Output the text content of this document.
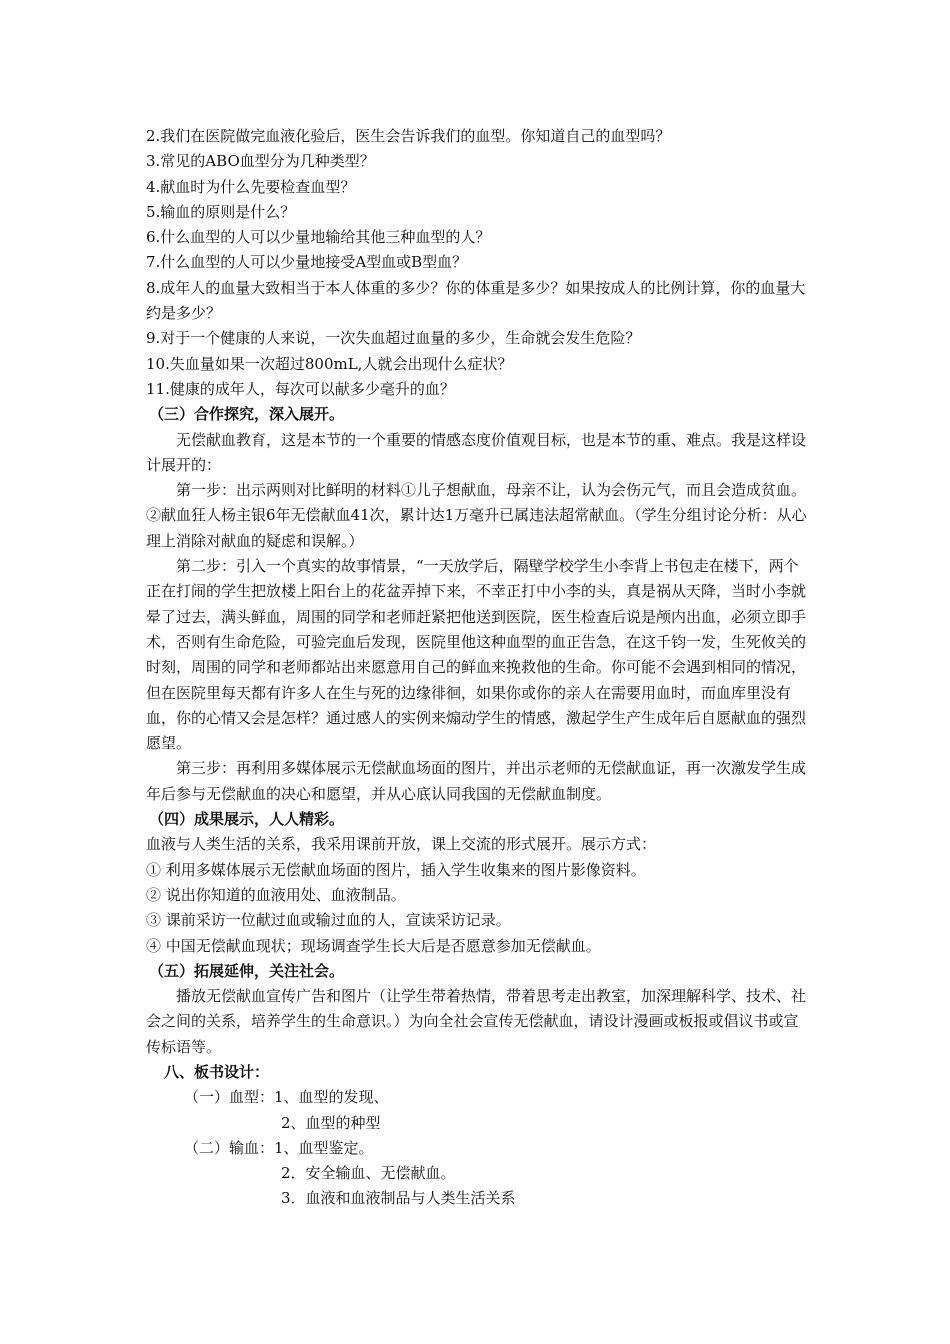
2.我们在医院做完血液化验后，医生会告诉我们的血型。你知道自己的血型吗？
3.常见的ABO血型分为几种类型？
4.献血时为什么先要检查血型？
5.输血的原则是什么？
6.什么血型的人可以少量地输给其他三种血型的人？
7.什么血型的人可以少量地接受A型血或B型血？
8.成年人的血量大致相当于本人体重的多少？你的体重是多少？如果按成人的比例计算，你的血量大约是多少？
9.对于一个健康的人来说，一次失血超过血量的多少，生命就会发生危险？
10.失血量如果一次超过800mL,人就会出现什么症状？
11.健康的成年人，每次可以献多少毫升的血？
（三）合作探究，深入展开。
无偿献血教育，这是本节的一个重要的情感态度价值观目标，也是本节的重、难点。我是这样设计展开的：
第一步：出示两则对比鲜明的材料①儿子想献血，母亲不让，认为会伤元气，而且会造成贫血。②献血狂人杨主银6年无偿献血41次，累计达1万毫升已属违法超常献血。（学生分组讨论分析：从心理上消除对献血的疑虑和误解。）
第二步：引入一个真实的故事情景，“一天放学后，隔壁学校学生小李背上书包走在楼下，两个正在打闹的学生把放楼上阳台上的花盆弄掉下来，不幸正打中小李的头，真是祸从天降，当时小李就晕了过去，满头鲜血，周围的同学和老师赶紧把他送到医院，医生检查后说是颅内出血，必须立即手术，否则有生命危险，可验完血后发现，医院里他这种血型的血正告急，在这千钧一发，生死攸关的时刻，周围的同学和老师都站出来愿意用自己的鲜血来挽救他的生命。你可能不会遇到相同的情况，但在医院里每天都有许多人在生与死的边缘徘徊，如果你或你的亲人在需要用血时，而血库里没有血，你的心情又会是怎样？通过感人的实例来煽动学生的情感，激起学生产生成年后自愿献血的强烈愿望。
第三步：再利用多媒体展示无偿献血场面的图片，并出示老师的无偿献血证，再一次激发学生成年后参与无偿献血的决心和愿望，并从心底认同我国的无偿献血制度。
（四）成果展示，人人精彩。
血液与人类生活的关系，我采用课前开放，课上交流的形式展开。展示方式：
① 利用多媒体展示无偿献血场面的图片，插入学生收集来的图片影像资料。
② 说出你知道的血液用处、血液制品。
③ 课前采访一位献过血或输过血的人，宣读采访记录。
④ 中国无偿献血现状；现场调查学生长大后是否愿意参加无偿献血。
（五）拓展延伸，关注社会。
播放无偿献血宣传广告和图片（让学生带着热情，带着思考走出教室，加深理解科学、技术、社会之间的关系，培养学生的生命意识。）为向全社会宣传无偿献血，请设计漫画或板报或倡议书或宣传标语等。
八、板书设计：
（一）血型：1、血型的发现、
2、血型的种型
（二）输血：1、血型鉴定。
2．安全输血、无偿献血。
3．血液和血液制品与人类生活关系
